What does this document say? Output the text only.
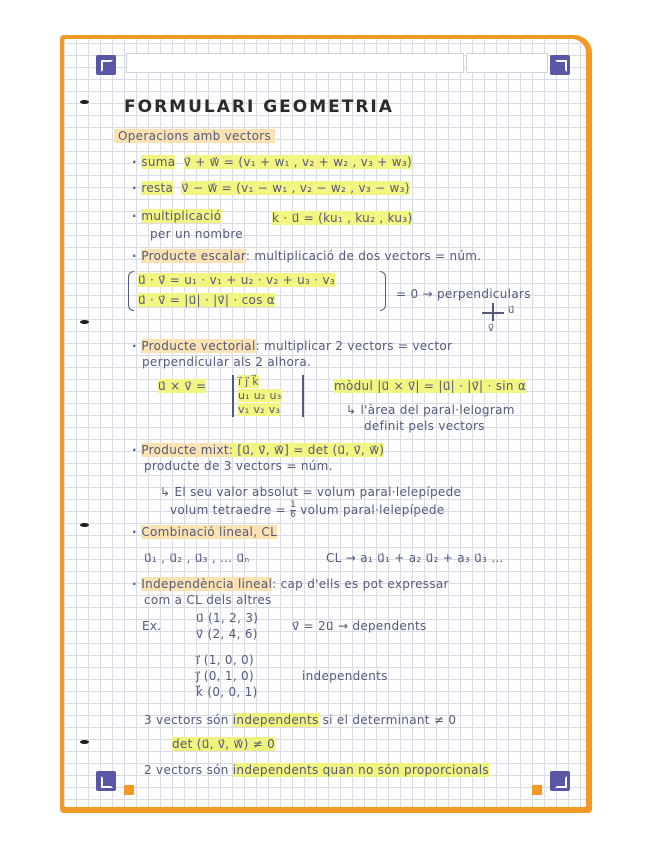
FORMULARI GEOMETRIA
Operacions amb vectors
· suma v⃗ + w⃗ = (v₁ + w₁ , v₂ + w₂ , v₃ + w₃)
· resta v⃗ − w⃗ = (v₁ − w₁ , v₂ − w₂ , v₃ − w₃)
· multiplicació	k · u⃗ = (ku₁ , ku₂ , ku₃)
per un nombre
· Producte escalar: multiplicació de dos vectors = núm.
u⃗ · v⃗ = u₁ · v₁ + u₂ · v₂ + u₃ · v₃
u⃗ · v⃗ = |u⃗| · |v⃗| · cos α	= 0 → perpendiculars
u⃗
v⃗
· Producte vectorial: multiplicar 2 vectors = vector
perpendicular als 2 alhora.
u⃗ × v⃗ =	i⃗ j⃗ k⃗
u₁ u₂ u₃
v₁ v₂ v₃
mòdul |u⃗ × v⃗| = |u⃗| · |v⃗| · sin α
↳ l'àrea del paral·lelogram
definit pels vectors
· Producte mixt: [u⃗, v⃗, w⃗] = det (u⃗, v⃗, w⃗)
producte de 3 vectors = núm.
↳ El seu valor absolut = volum paral·lelepípede
volum tetraedre = $\frac{1}{6}$ volum paral·lelepípede
· Combinació lineal, CL
u⃗₁ , u⃗₂ , u⃗₃ , … u⃗ₙ	CL → a₁ u⃗₁ + a₂ u⃗₂ + a₃ u⃗₃ …
· Independència lineal: cap d'ells es pot expressar
com a CL dels altres
Ex.
u⃗ (1, 2, 3)
v⃗ (2, 4, 6)
v⃗ = 2u⃗ → dependents
i⃗ (1, 0, 0)
j⃗ (0, 1, 0)
k⃗ (0, 0, 1)
independents
3 vectors són independents si el determinant ≠ 0
det (u⃗, v⃗, w⃗) ≠ 0
2 vectors són independents quan no són proporcionals
